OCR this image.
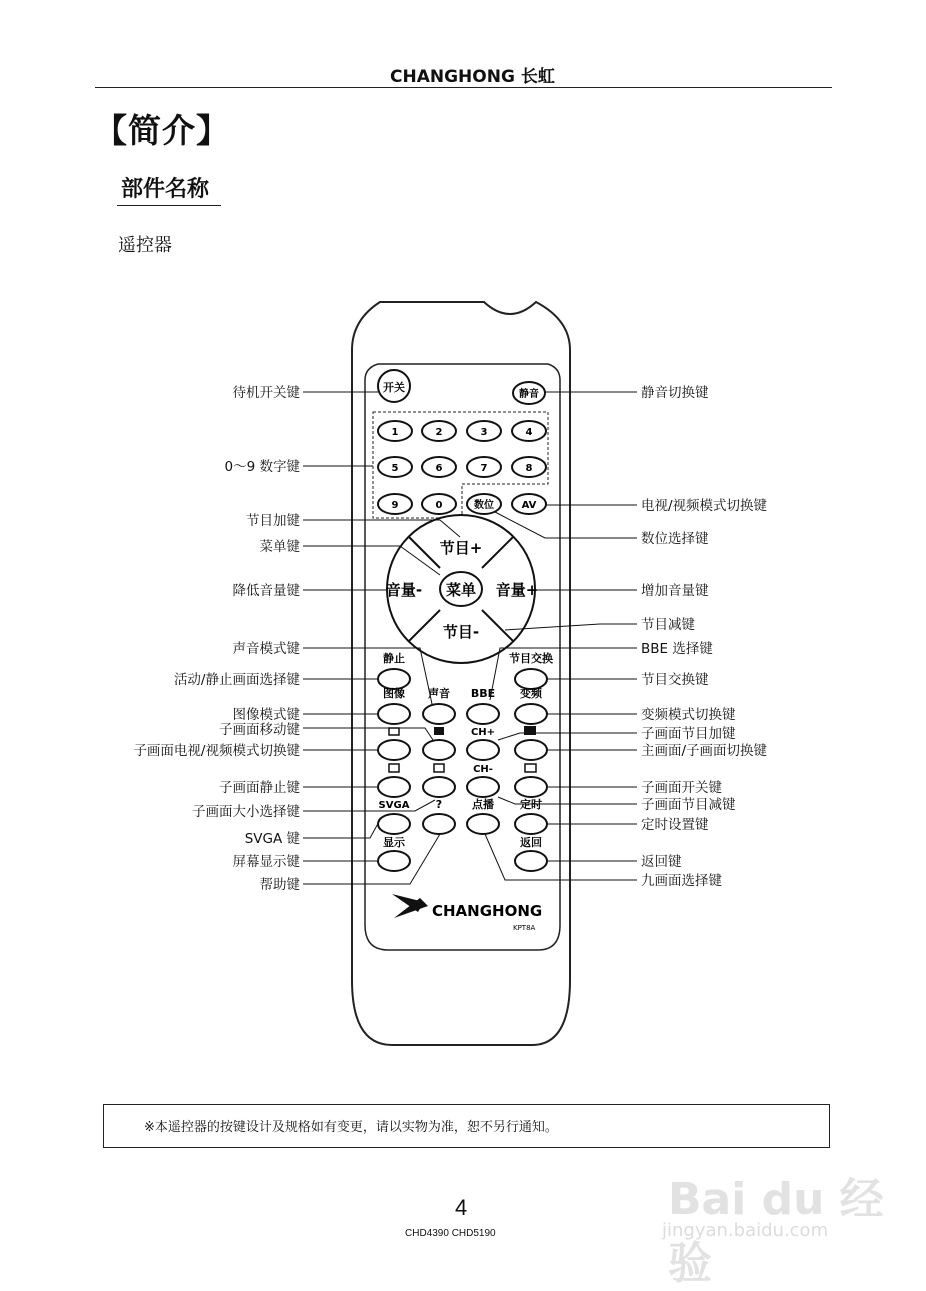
CHANGHONG 长虹
【简介】
部件名称
遥控器
开关
静音
1	2	3	4
5	6	7	8
9	0	数位	AV
节目+
节目-
音量-	音量+
菜单
静止	节目交换
图像 声音 BBE 变频
CH+
CH-
SVGA ?	点播 定时
显示	返回
CHANGHONG
KPT8A
待机开关键
0～9 数字键
节目加键
菜单键
降低音量键
声音模式键
活动/静止画面选择键
图像模式键
子画面移动键
子画面电视/视频模式切换键
子画面静止键
子画面大小选择键
SVGA 键
屏幕显示键
帮助键
静音切换键
电视/视频模式切换键
数位选择键
增加音量键
节目减键
BBE 选择键
节目交换键
变频模式切换键
子画面节目加键
主画面/子画面切换键
子画面开关键
子画面节目减键
定时设置键
返回键
九画面选择键
※本遥控器的按键设计及规格如有变更，请以实物为准，恕不另行通知。
Bai du 经验
jingyan.baidu.com
4
CHD4390 CHD5190
